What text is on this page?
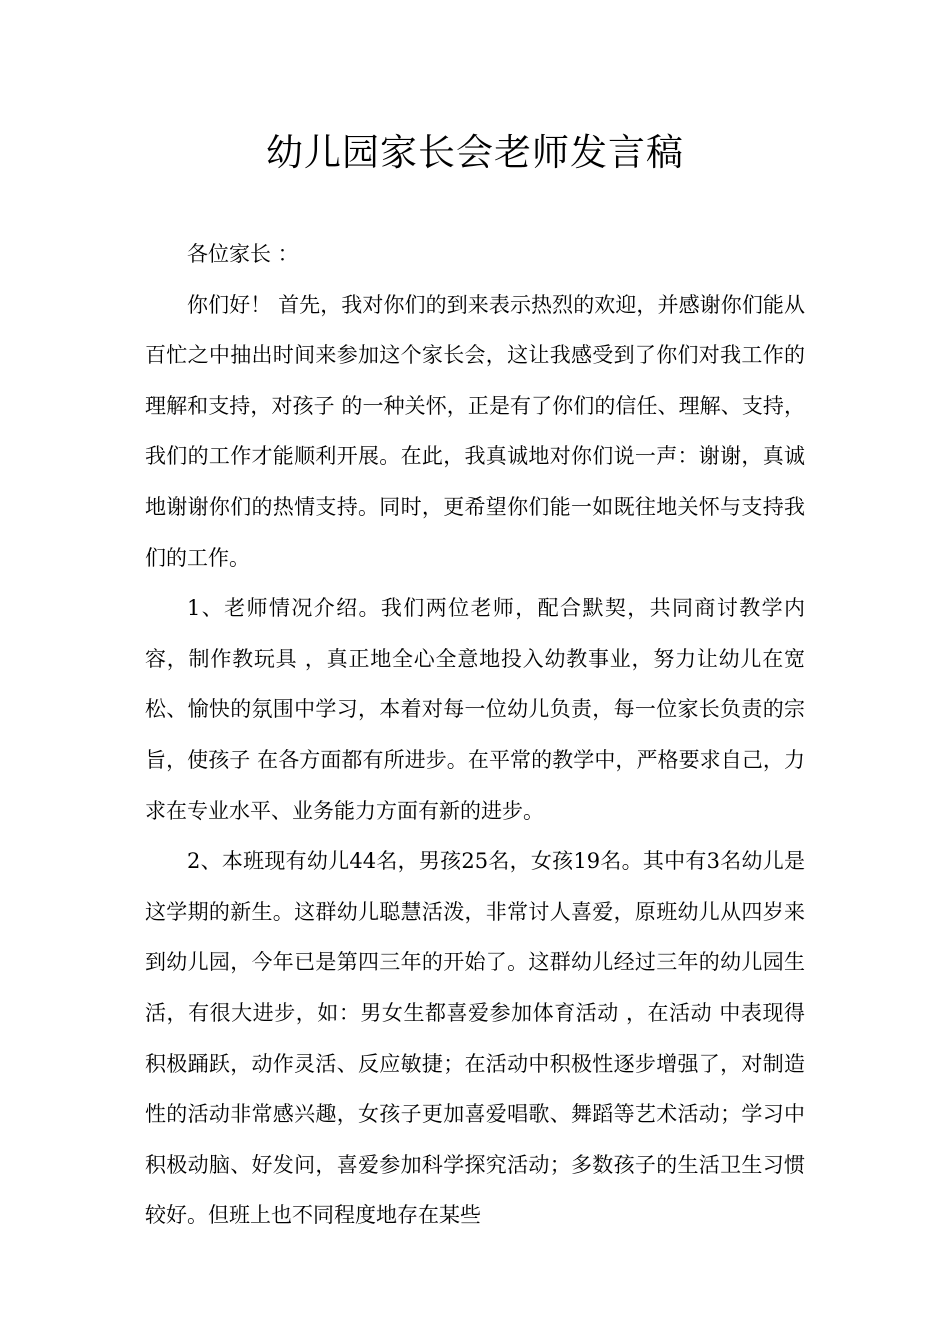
幼儿园家长会老师发言稿

各位家长 ：

你们好！ 首先，我对你们的到来表示热烈的欢迎，并感谢你们能从百忙之中抽出时间来参加这个家长会，这让我感受到了你们对我工作的理解和支持，对孩子 的一种关怀，正是有了你们的信任、理解、支持，我们的工作才能顺利开展。在此，我真诚地对你们说一声：谢谢，真诚地谢谢你们的热情支持。同时，更希望你们能一如既往地关怀与支持我们的工作。

1、老师情况介绍。我们两位老师，配合默契，共同商讨教学内容，制作教玩具 ，真正地全心全意地投入幼教事业，努力让幼儿在宽松、愉快的氛围中学习，本着对每一位幼儿负责，每一位家长负责的宗旨，使孩子 在各方面都有所进步。在平常的教学中，严格要求自己，力求在专业水平、业务能力方面有新的进步。

2、本班现有幼儿44名，男孩25名，女孩19名。其中有3名幼儿是这学期的新生。这群幼儿聪慧活泼，非常讨人喜爱，原班幼儿从四岁来到幼儿园，今年已是第四三年的开始了。这群幼儿经过三年的幼儿园生活，有很大进步，如：男女生都喜爱参加体育活动 ，在活动 中表现得积极踊跃，动作灵活、反应敏捷；在活动中积极性逐步增强了，对制造性的活动非常感兴趣，女孩子更加喜爱唱歌、舞蹈等艺术活动；学习中积极动脑、好发问，喜爱参加科学探究活动；多数孩子的生活卫生习惯较好。但班上也不同程度地存在某些
